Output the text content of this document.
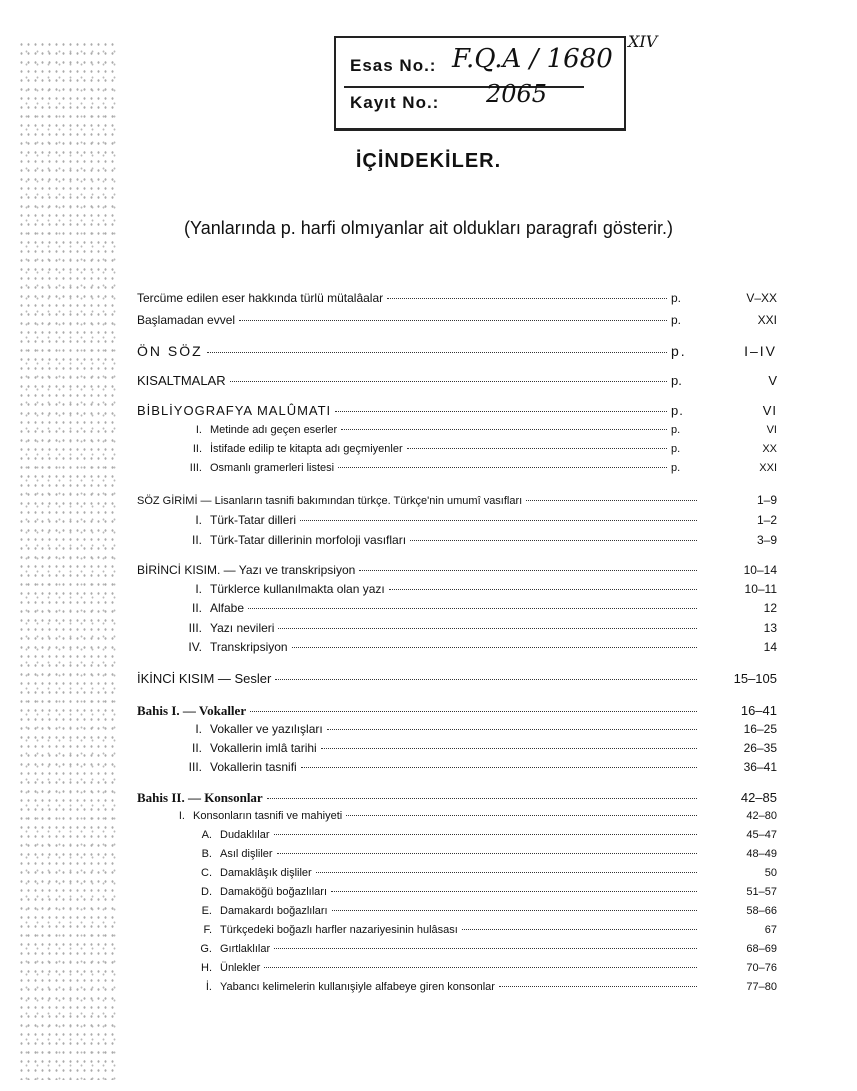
Esas No.: F.Q.A / 1680
Kayıt No.: 2065
XIV
İÇİNDEKİLER.
(Yanlarında p. harfi olmıyanlar ait oldukları paragrafı gösterir.)
Tercüme edilen eser hakkında türlü mütalâalar	p.	V–XX
Başlamadan evvel	p.	XXI
ÖN SÖZ	p.	I–IV
KISALTMALAR	p.	V
BİBLİYOGRAFYA MALÛMATI	p.	VI
I. Metinde adı geçen eserler	p.	VI
II. İstifade edilip te kitapta adı geçmiyenler	p.	XX
III. Osmanlı gramerleri listesi	p.	XXI
SÖZ GİRİMİ — Lisanların tasnifi bakımından türkçe. Türkçe'nin umumî vasıfları	1–9
I. Türk-Tatar dilleri	1–2
II. Türk-Tatar dillerinin morfoloji vasıfları	3–9
BİRİNCİ KISIM. — Yazı ve transkripsiyon	10–14
I. Türklerce kullanılmakta olan yazı	10–11
II. Alfabe	12
III. Yazı nevileri	13
IV. Transkripsiyon	14
İKİNCİ KISIM — Sesler	15–105
Bahis I. — Vokaller	16–41
I. Vokaller ve yazılışları	16–25
II. Vokallerin imlâ tarihi	26–35
III. Vokallerin tasnifi	36–41
Bahis II. — Konsonlar	42–85
I. Konsonların tasnifi ve mahiyeti	42–80
A. Dudaklılar	45–47
B. Asıl dişliler	48–49
C. Damaklâşık dişliler	50
D. Damaköğü boğazlıları	51–57
E. Damakardı boğazlıları	58–66
F. Türkçedeki boğazlı harfler nazariyesinin hulâsası	67
G. Gırtlaklılar	68–69
H. Ünlekler	70–76
İ. Yabancı kelimelerin kullanışiyle alfabeye giren konsonlar	77–80
